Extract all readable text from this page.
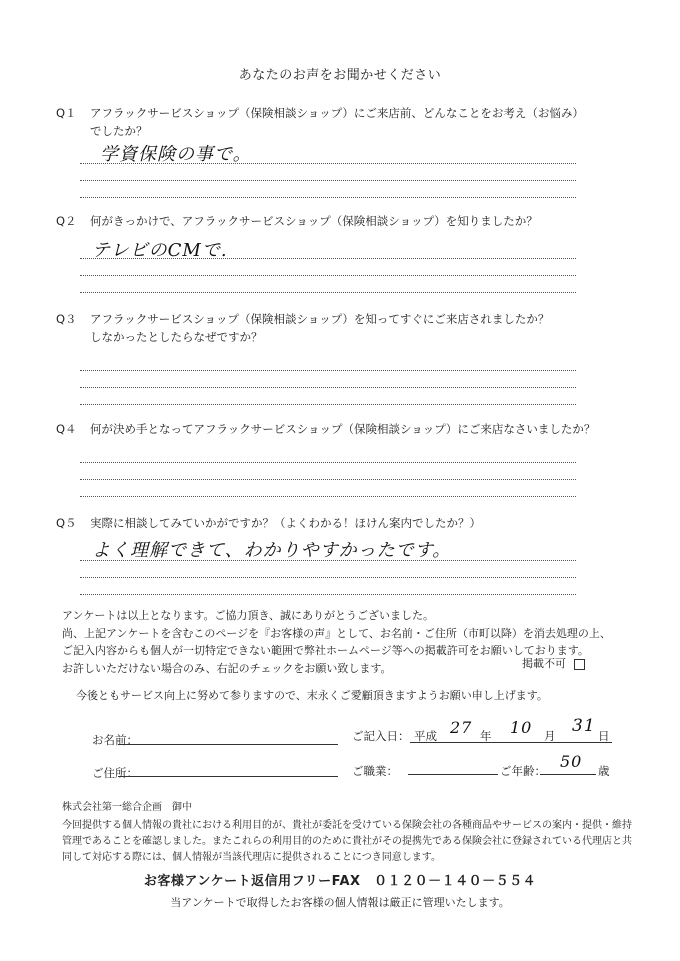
あなたのお声をお聞かせください
Q１ アフラックサービスショップ（保険相談ショップ）にご来店前、どんなことをお考え（お悩み）
でしたか？
学資保険の事で。
Q２ 何がきっかけで、アフラックサービスショップ（保険相談ショップ）を知りましたか？
テレビのCMで.
Q３ アフラックサービスショップ（保険相談ショップ）を知ってすぐにご来店されましたか？
しなかったとしたらなぜですか？
Q４ 何が決め手となってアフラックサービスショップ（保険相談ショップ）にご来店なさいましたか？
Q５ 実際に相談してみていかがですか？（よくわかる！ほけん案内でしたか？）
よく理解できて、わかりやすかったです。
アンケートは以上となります。ご協力頂き、誠にありがとうございました。
尚、上記アンケートを含むこのページを『お客様の声』として、お名前・ご住所（市町以降）を消去処理の上、
ご記入内容からも個人が一切特定できない範囲で弊社ホームページ等への掲載許可をお願いしております。
お許しいただけない場合のみ、右記のチェックをお願い致します。	掲載不可
今後ともサービス向上に努めて参りますので、末永くご愛顧頂きますようお願い申し上げます。
お名前：	ご記入日： 平成 27 年 10 月 31 日
ご住所：	ご職業：	ご年齢： 50 歳
株式会社第一総合企画　御中
今回提供する個人情報の貴社における利用目的が、貴社が委託を受けている保険会社の各種商品やサービスの案内・提供・維持
管理であることを確認しました。またこれらの利用目的のために貴社がその提携先である保険会社に登録されている代理店と共
同して対応する際には、個人情報が当該代理店に提供されることにつき同意します。
お客様アンケート返信用フリーFAX　０１２０－１４０－５５４
当アンケートで取得したお客様の個人情報は厳正に管理いたします。
